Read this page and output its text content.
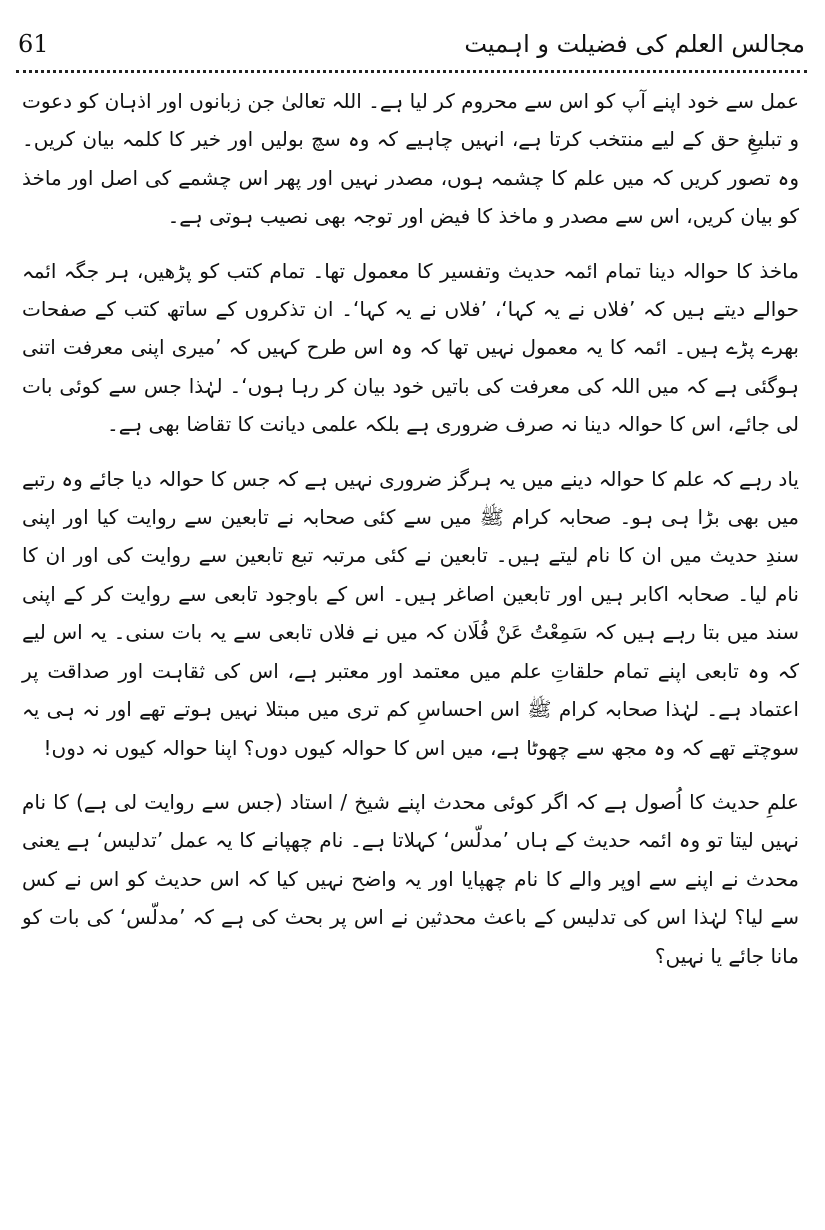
61	مجالس العلم کی فضیلت و اہمیت

عمل سے خود اپنے آپ کو اس سے محروم کر لیا ہے۔ اللہ تعالیٰ جن زبانوں اور اذہان کو دعوت و تبلیغِ حق کے لیے منتخب کرتا ہے، انہیں چاہیے کہ وہ سچ بولیں اور خیر کا کلمہ بیان کریں۔ وہ تصور کریں کہ میں علم کا چشمہ ہوں، مصدر نہیں اور پھر اس چشمے کی اصل اور ماخذ کو بیان کریں، اس سے مصدر و ماخذ کا فیض اور توجہ بھی نصیب ہوتی ہے۔

ماخذ کا حوالہ دینا تمام ائمہ حدیث وتفسیر کا معمول تھا۔ تمام کتب کو پڑھیں، ہر جگہ ائمہ حوالے دیتے ہیں کہ ’فلاں نے یہ کہا‘، ’فلاں نے یہ کہا‘۔ ان تذکروں کے ساتھ کتب کے صفحات بھرے پڑے ہیں۔ ائمہ کا یہ معمول نہیں تھا کہ وہ اس طرح کہیں کہ ’میری اپنی معرفت اتنی ہوگئی ہے کہ میں اللہ کی معرفت کی باتیں خود بیان کر رہا ہوں‘۔ لہٰذا جس سے کوئی بات لی جائے، اس کا حوالہ دینا نہ صرف ضروری ہے بلکہ علمی دیانت کا تقاضا بھی ہے۔

یاد رہے کہ علم کا حوالہ دینے میں یہ ہرگز ضروری نہیں ہے کہ جس کا حوالہ دیا جائے وہ رتبے میں بھی بڑا ہی ہو۔ صحابہ کرام ﷺ میں سے کئی صحابہ نے تابعین سے روایت کیا اور اپنی سندِ حدیث میں ان کا نام لیتے ہیں۔ تابعین نے کئی مرتبہ تبع تابعین سے روایت کی اور ان کا نام لیا۔ صحابہ اکابر ہیں اور تابعین اصاغر ہیں۔ اس کے باوجود تابعی سے روایت کر کے اپنی سند میں بتا رہے ہیں کہ سَمِعْتُ عَنْ فُلَان کہ میں نے فلاں تابعی سے یہ بات سنی۔ یہ اس لیے کہ وہ تابعی اپنے تمام حلقاتِ علم میں معتمد اور معتبر ہے، اس کی ثقاہت اور صداقت پر اعتماد ہے۔ لہٰذا صحابہ کرام ﷺ اس احساسِ کم تری میں مبتلا نہیں ہوتے تھے اور نہ ہی یہ سوچتے تھے کہ وہ مجھ سے چھوٹا ہے، میں اس کا حوالہ کیوں دوں؟ اپنا حوالہ کیوں نہ دوں!

علمِ حدیث کا اُصول ہے کہ اگر کوئی محدث اپنے شیخ / استاد (جس سے روایت لی ہے) کا نام نہیں لیتا تو وہ ائمہ حدیث کے ہاں ’مدلّس‘ کہلاتا ہے۔ نام چھپانے کا یہ عمل ’تدلیس‘ ہے یعنی محدث نے اپنے سے اوپر والے کا نام چھپایا اور یہ واضح نہیں کیا کہ اس حدیث کو اس نے کس سے لیا؟ لہٰذا اس کی تدلیس کے باعث محدثین نے اس پر بحث کی ہے کہ ’مدلّس‘ کی بات کو مانا جائے یا نہیں؟
